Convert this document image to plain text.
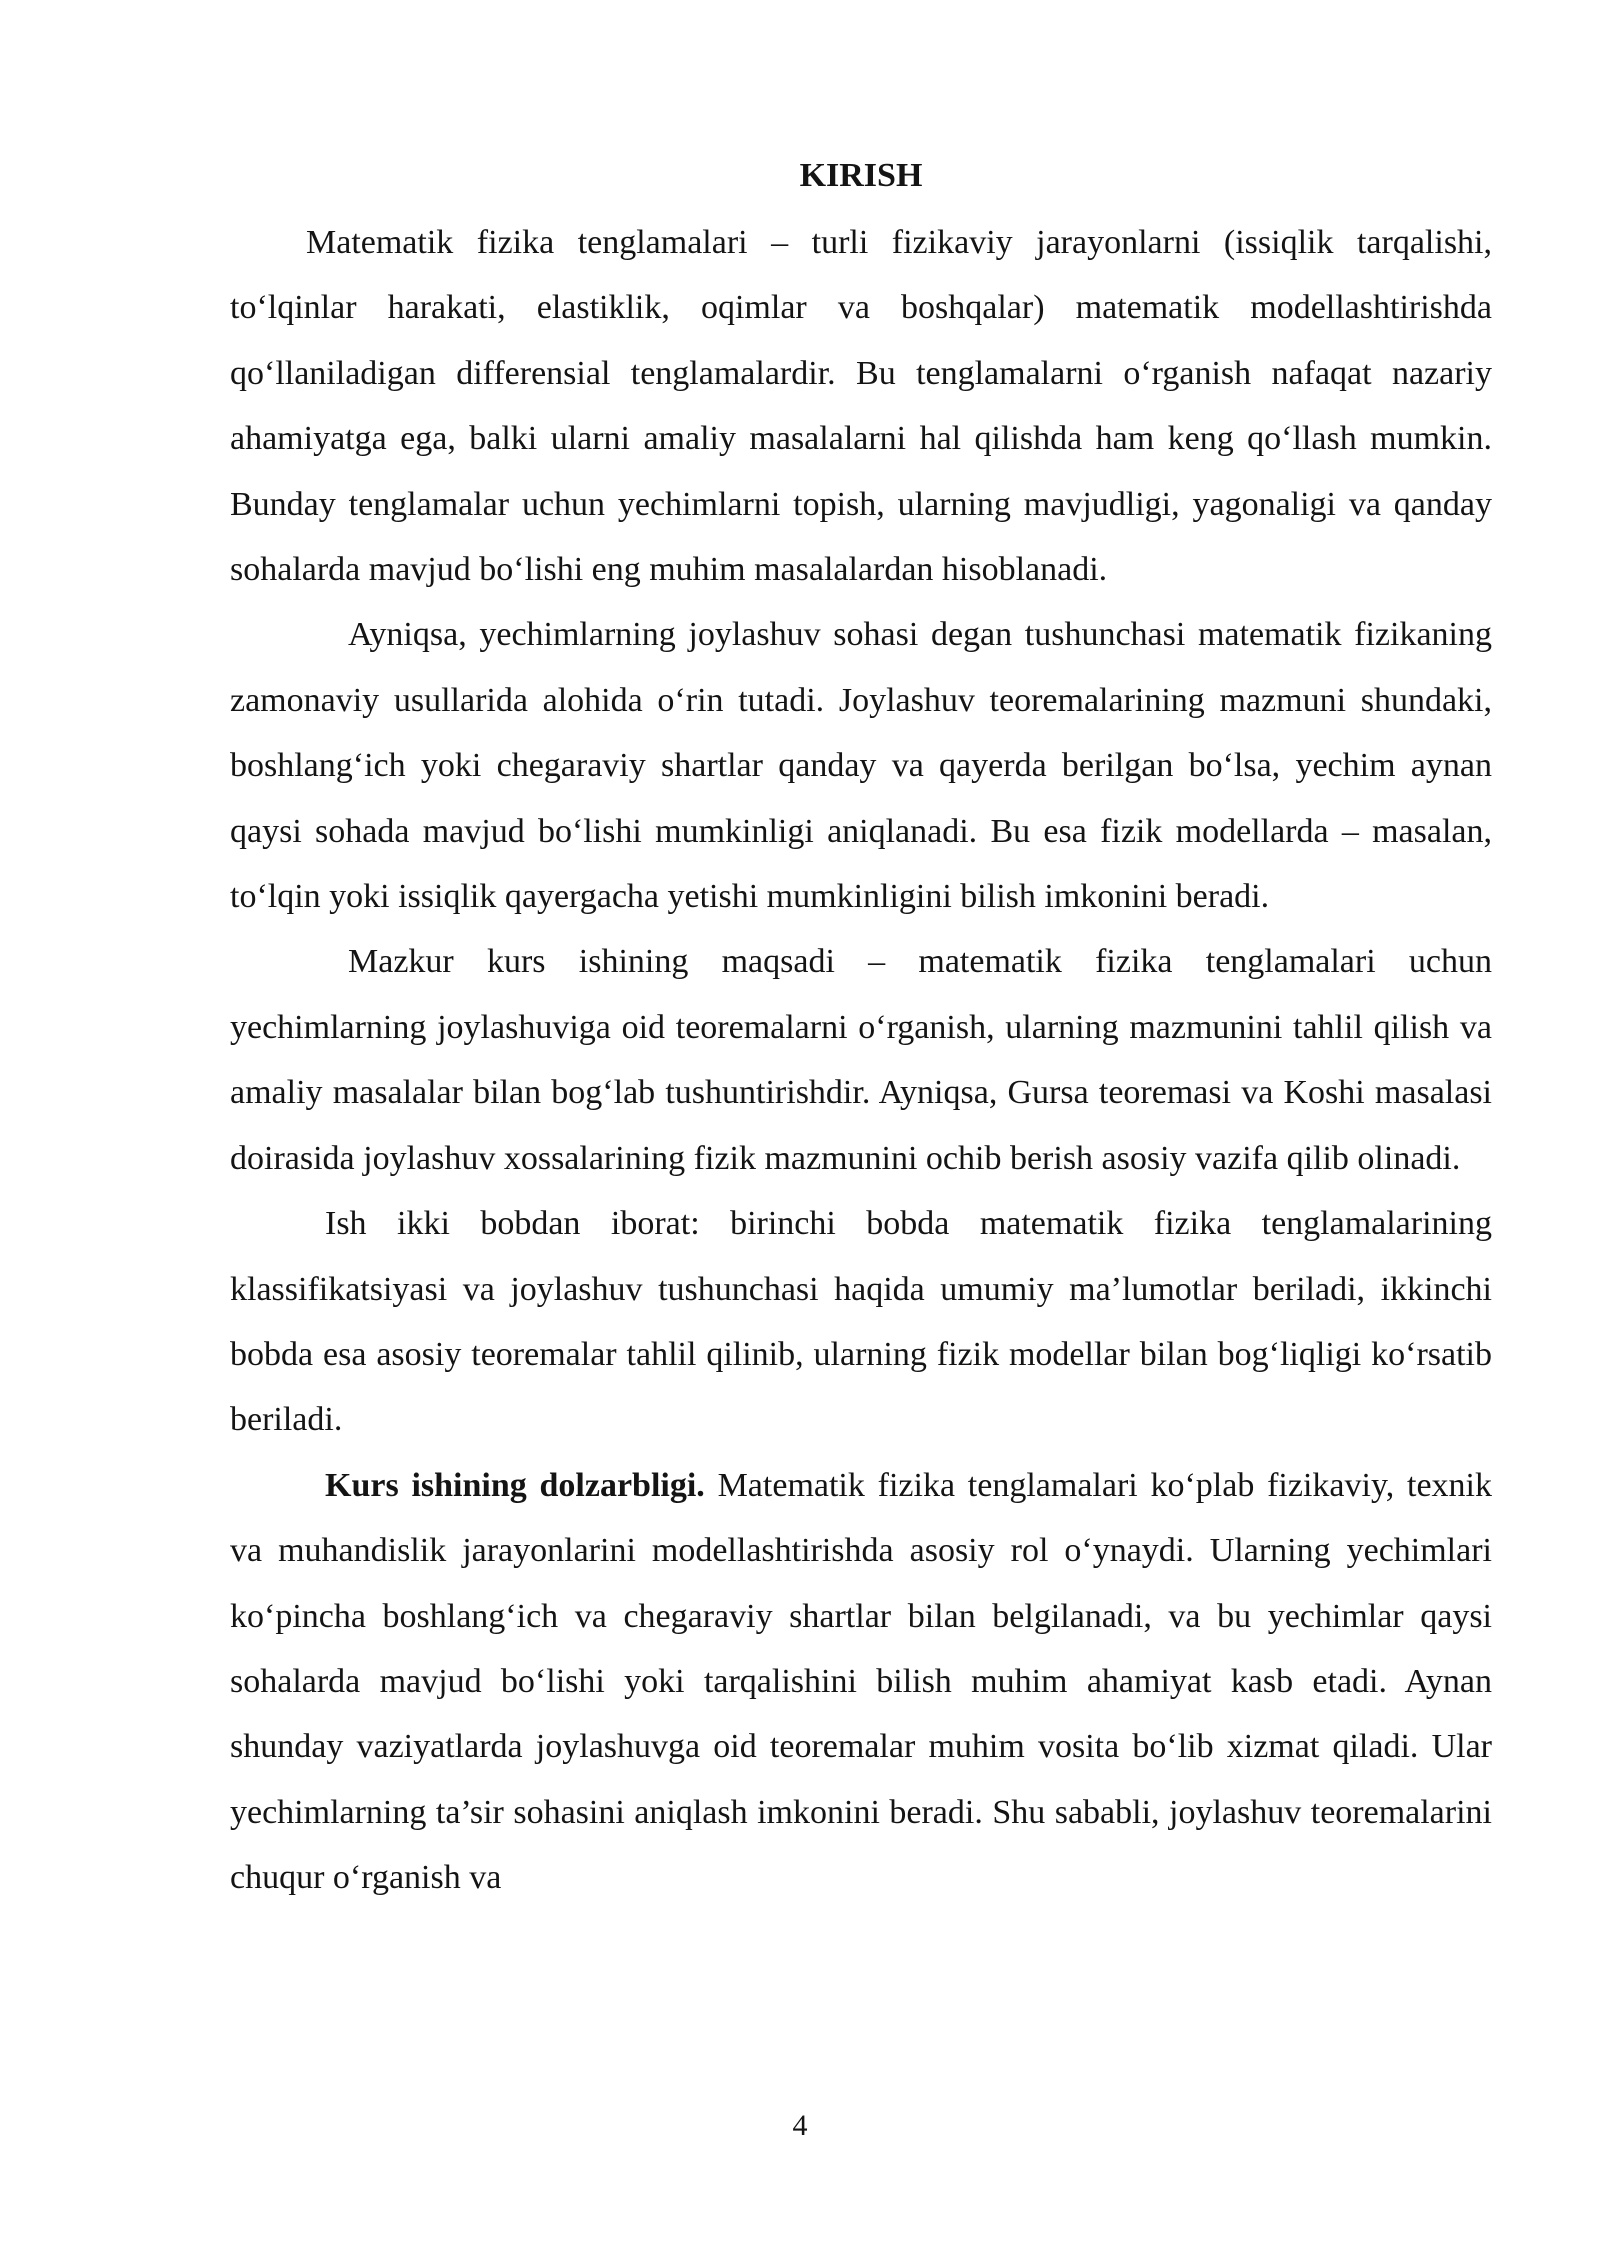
KIRISH

Matematik fizika tenglamalari – turli fizikaviy jarayonlarni (issiqlik tarqalishi, to‘lqinlar harakati, elastiklik, oqimlar va boshqalar) matematik modellashtirishda qo‘llaniladigan differensial tenglamalardir. Bu tenglamalarni o‘rganish nafaqat nazariy ahamiyatga ega, balki ularni amaliy masalalarni hal qilishda ham keng qo‘llash mumkin. Bunday tenglamalar uchun yechimlarni topish, ularning mavjudligi, yagonaligi va qanday sohalarda mavjud bo‘lishi eng muhim masalalardan hisoblanadi.

Ayniqsa, yechimlarning joylashuv sohasi degan tushunchasi matematik fizikaning zamonaviy usullarida alohida o‘rin tutadi. Joylashuv teoremalarining mazmuni shundaki, boshlang‘ich yoki chegaraviy shartlar qanday va qayerda berilgan bo‘lsa, yechim aynan qaysi sohada mavjud bo‘lishi mumkinligi aniqlanadi. Bu esa fizik modellarda – masalan, to‘lqin yoki issiqlik qayergacha yetishi mumkinligini bilish imkonini beradi.

Mazkur kurs ishining maqsadi – matematik fizika tenglamalari uchun yechimlarning joylashuviga oid teoremalarni o‘rganish, ularning mazmunini tahlil qilish va amaliy masalalar bilan bog‘lab tushuntirishdir. Ayniqsa, Gursa teoremasi va Koshi masalasi doirasida joylashuv xossalarining fizik mazmunini ochib berish asosiy vazifa qilib olinadi.

Ish ikki bobdan iborat: birinchi bobda matematik fizika tenglamalarining klassifikatsiyasi va joylashuv tushunchasi haqida umumiy ma’lumotlar beriladi, ikkinchi bobda esa asosiy teoremalar tahlil qilinib, ularning fizik modellar bilan bog‘liqligi ko‘rsatib beriladi.

Kurs ishining dolzarbligi. Matematik fizika tenglamalari ko‘plab fizikaviy, texnik va muhandislik jarayonlarini modellashtirishda asosiy rol o‘ynaydi. Ularning yechimlari ko‘pincha boshlang‘ich va chegaraviy shartlar bilan belgilanadi, va bu yechimlar qaysi sohalarda mavjud bo‘lishi yoki tarqalishini bilish muhim ahamiyat kasb etadi. Aynan shunday vaziyatlarda joylashuvga oid teoremalar muhim vosita bo‘lib xizmat qiladi. Ular yechimlarning ta’sir sohasini aniqlash imkonini beradi. Shu sababli, joylashuv teoremalarini chuqur o‘rganish va

4
